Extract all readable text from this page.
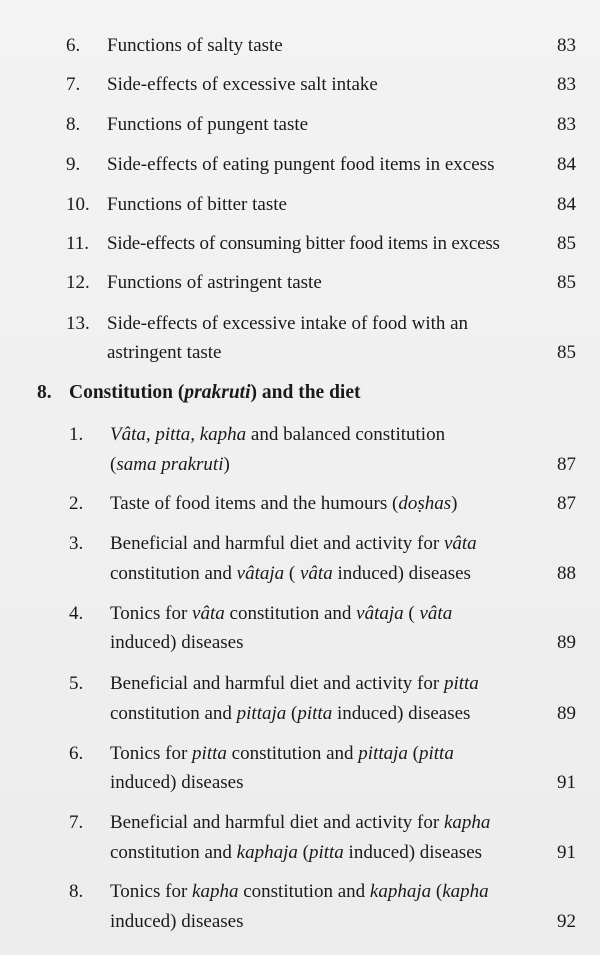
6. Functions of salty taste	83
7. Side-effects of excessive salt intake	83
8. Functions of pungent taste	83
9. Side-effects of eating pungent food items in excess	84
10. Functions of bitter taste	84
11. Side-effects of consuming bitter food items in excess	85
12. Functions of astringent taste	85
13. Side-effects of excessive intake of food with an
astringent taste	85
8. Constitution (prakruti) and the diet
1. Vâta, pitta, kapha and balanced constitution
(sama prakruti)	87
2. Taste of food items and the humours (doṣhas)	87
3. Beneficial and harmful diet and activity for vâta
constitution and vâtaja ( vâta induced) diseases	88
4. Tonics for vâta constitution and vâtaja ( vâta
induced) diseases	89
5. Beneficial and harmful diet and activity for pitta
constitution and pittaja (pitta induced) diseases	89
6. Tonics for pitta constitution and pittaja (pitta
induced) diseases	91
7. Beneficial and harmful diet and activity for kapha
constitution and kaphaja (pitta induced) diseases	91
8. Tonics for kapha constitution and kaphaja (kapha
induced) diseases	92
